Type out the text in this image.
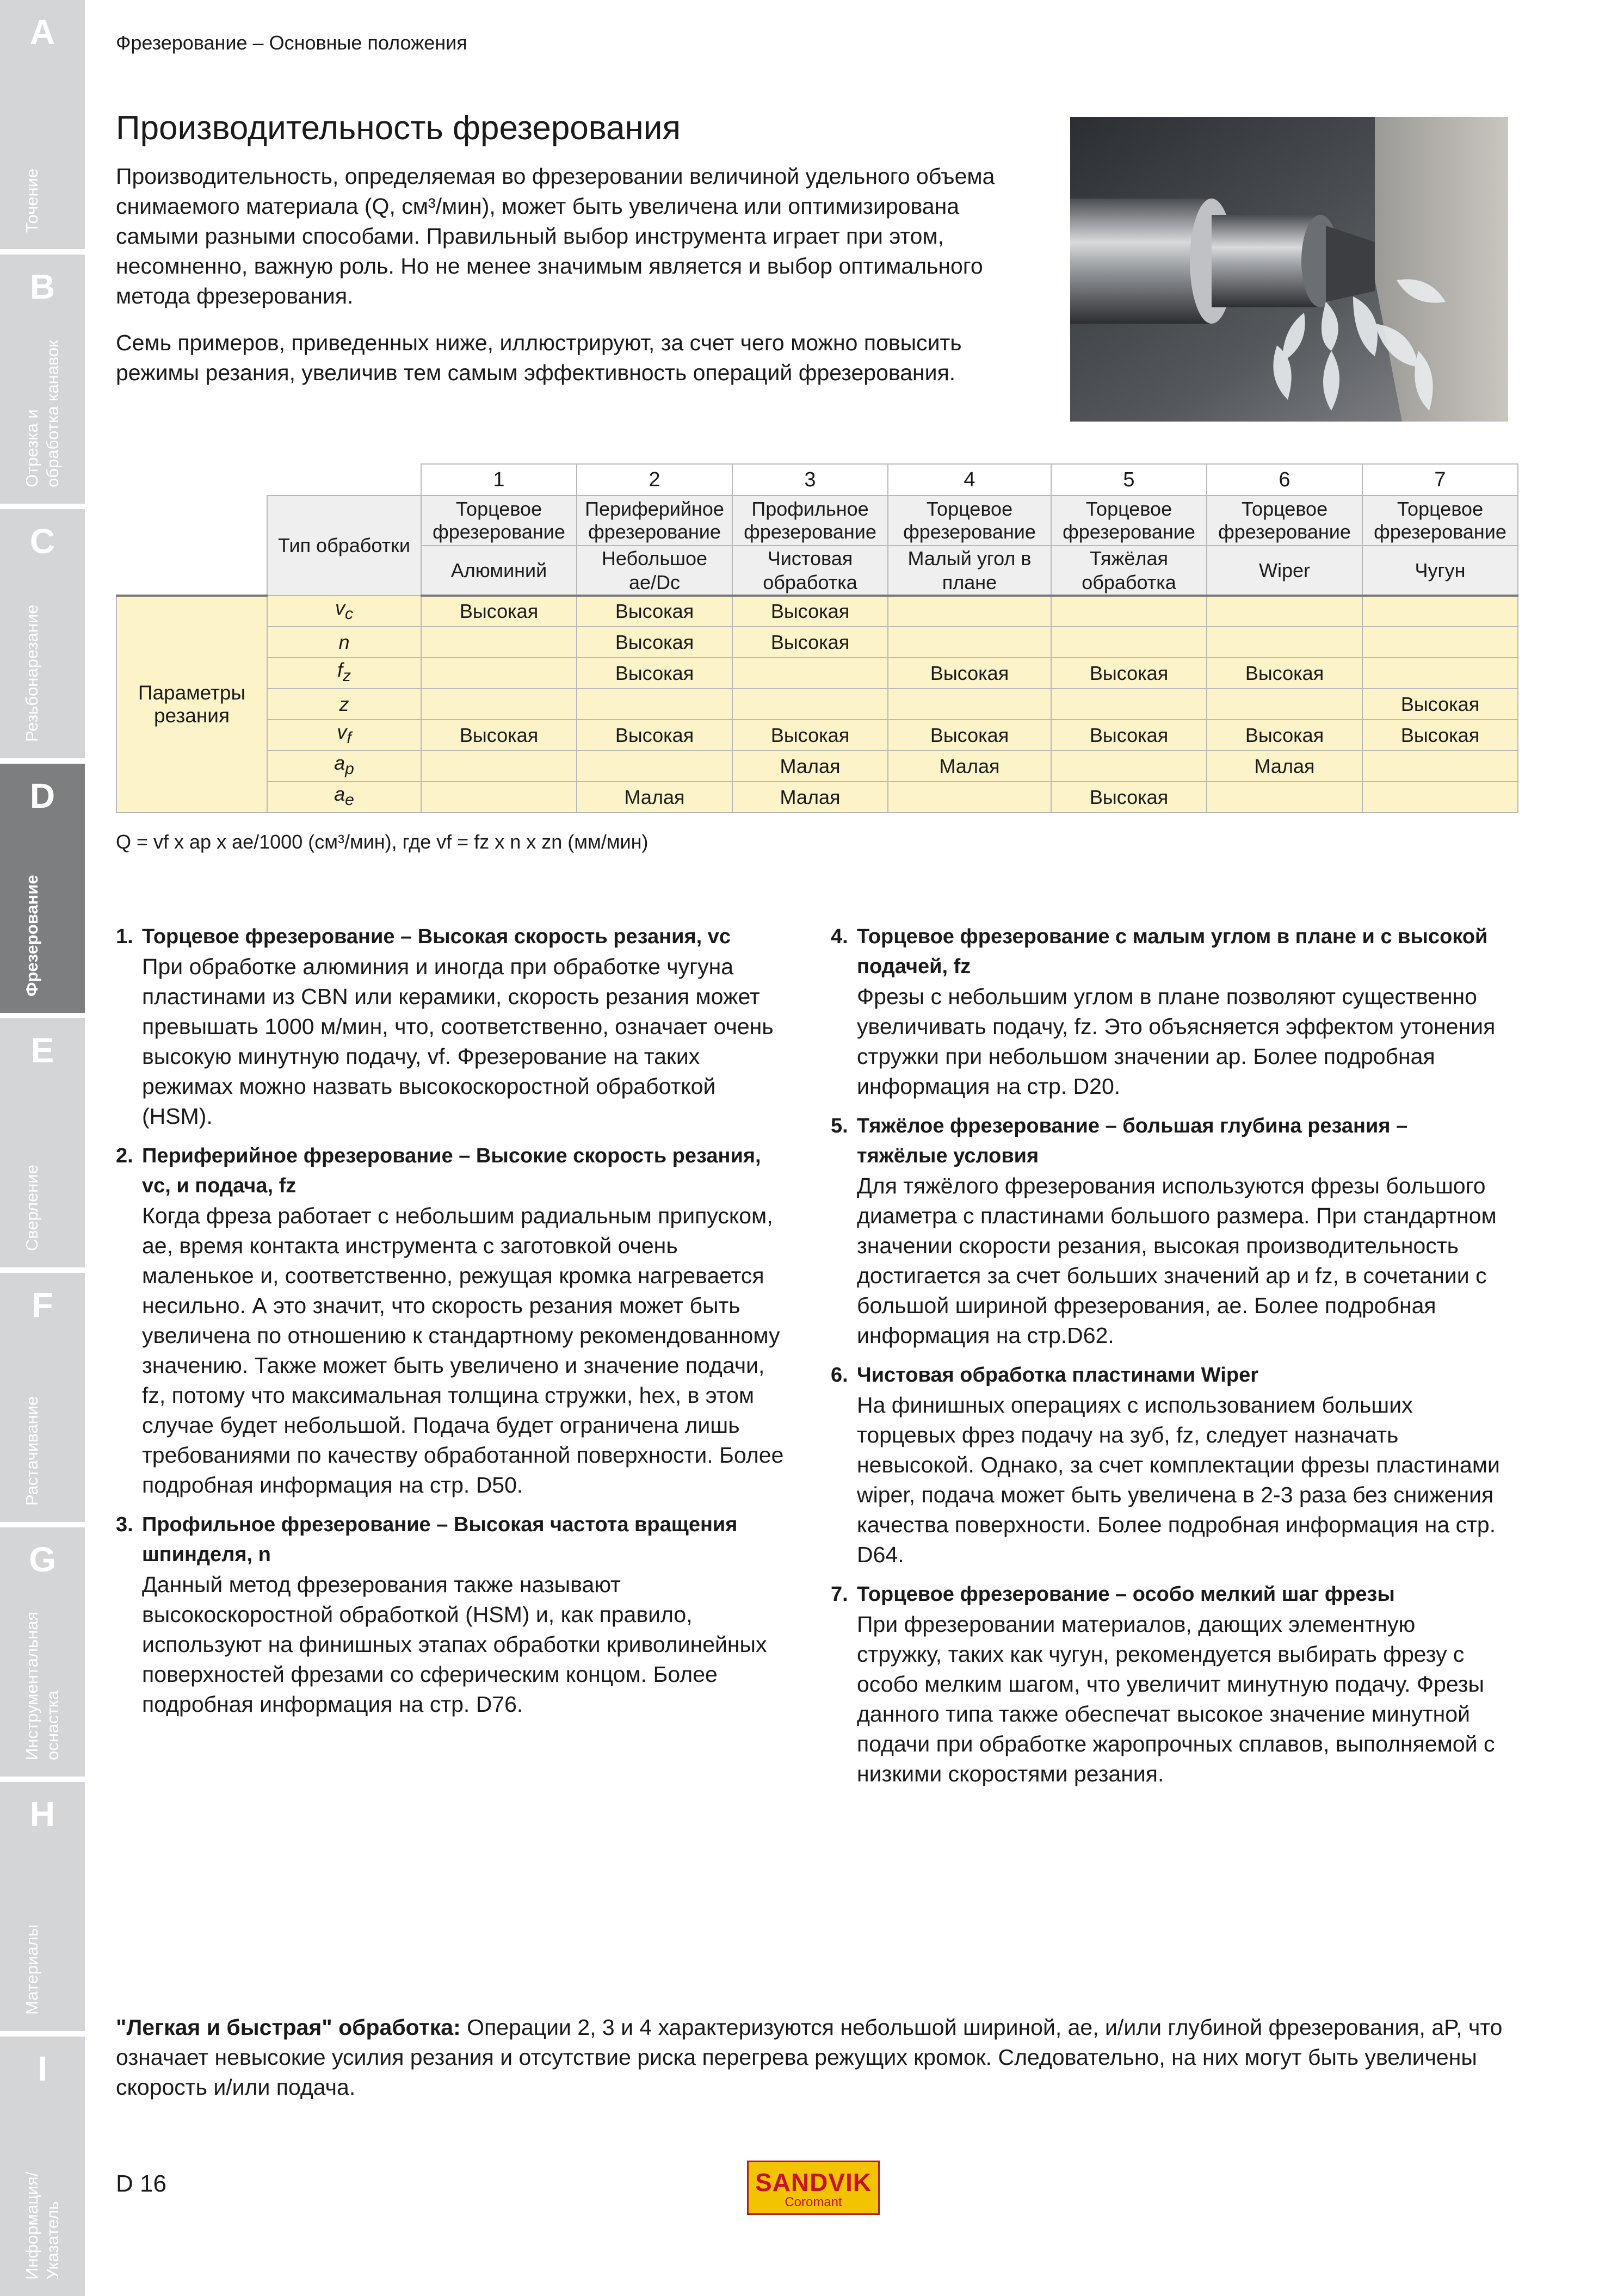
A
Точение
B
Отрезка и
обработка канавок
C
Резьбонарезание
D
Фрезерование
E
Сверление
F
Растачивание
G
Инструментальная
оснастка
H
Материалы
I
Информация/
Указатель
Фрезерование – Основные положения
Производительность фрезерования

Производительность, определяемая во фрезеровании величиной удельного объема снимаемого материала (Q, см³/мин), может быть увеличена или оптимизирована самыми разными способами. Правильный выбор инструмента играет при этом, несомненно, важную роль. Но не менее значимым является и выбор оптимального метода фрезерования.

Семь примеров, приведенных ниже, иллюстрируют, за счет чего можно повысить режимы резания, увеличив тем самым эффективность операций фрезерования.

		1	2	3	4	5	6	7
	Тип обработки	Торцевое фрезерование	Периферийное фрезерование	Профильное фрезерование	Торцевое фрезерование	Торцевое фрезерование	Торцевое фрезерование	Торцевое фрезерование
		Алюминий	Небольшое ae/Dc	Чистовая обработка	Малый угол в плане	Тяжёлая обработка	Wiper	Чугун
Параметры резания	$v_c$	Высокая	Высокая	Высокая				
	n		Высокая	Высокая				
	$f_z$		Высокая		Высокая	Высокая	Высокая	
	z							Высокая
	$v_f$	Высокая	Высокая	Высокая	Высокая	Высокая	Высокая	Высокая
	$a_p$			Малая	Малая		Малая	
	$a_e$		Малая	Малая		Высокая		
Q = vf x ap x ae/1000 (см³/мин), где vf = fz x n x zn (мм/мин)
1. Торцевое фрезерование – Высокая скорость резания, vc
При обработке алюминия и иногда при обработке чугуна пластинами из CBN или керамики, скорость резания может превышать 1000 м/мин, что, соответственно, означает очень высокую минутную подачу, vf. Фрезерование на таких режимах можно назвать высокоскоростной обработкой (HSM).
2. Периферийное фрезерование – Высокие скорость резания, vc, и подача, fz
Когда фреза работает с небольшим радиальным припуском, ae, время контакта инструмента с заготовкой очень маленькое и, соответственно, режущая кромка нагревается несильно. А это значит, что скорость резания может быть увеличена по отношению к стандартному рекомендованному значению. Также может быть увеличено и значение подачи, fz, потому что максимальная толщина стружки, hex, в этом случае будет небольшой. Подача будет ограничена лишь требованиями по качеству обработанной поверхности. Более подробная информация на стр. D50.
3. Профильное фрезерование – Высокая частота вращения шпинделя, n
Данный метод фрезерования также называют высокоскоростной обработкой (HSM) и, как правило, используют на финишных этапах обработки криволинейных поверхностей фрезами со сферическим концом. Более подробная информация на стр. D76.
4. Торцевое фрезерование с малым углом в плане и с высокой подачей, fz
Фрезы с небольшим углом в плане позволяют существенно увеличивать подачу, fz. Это объясняется эффектом утонения стружки при небольшом значении ap. Более подробная информация на стр. D20.
5. Тяжёлое фрезерование – большая глубина резания – тяжёлые условия
Для тяжёлого фрезерования используются фрезы большого диаметра с пластинами большого размера. При стандартном значении скорости резания, высокая производительность достигается за счет больших значений ap и fz, в сочетании с большой шириной фрезерования, ae. Более подробная информация на стр.D62.
6. Чистовая обработка пластинами Wiper
На финишных операциях с использованием больших торцевых фрез подачу на зуб, fz, следует назначать невысокой. Однако, за счет комплектации фрезы пластинами wiper, подача может быть увеличена в 2-3 раза без снижения качества поверхности. Более подробная информация на стр. D64.
7. Торцевое фрезерование – особо мелкий шаг фрезы
При фрезеровании материалов, дающих элементную стружку, таких как чугун, рекомендуется выбирать фрезу с особо мелким шагом, что увеличит минутную подачу. Фрезы данного типа также обеспечат высокое значение минутной подачи при обработке жаропрочных сплавов, выполняемой с низкими скоростями резания.

"Легкая и быстрая" обработка: Операции 2, 3 и 4 характеризуются небольшой шириной, ae, и/или глубиной фрезерования, aP, что означает невысокие усилия резания и отсутствие риска перегрева режущих кромок. Следовательно, на них могут быть увеличены скорость и/или подача.

D 16	SANDVIK
Coromant
